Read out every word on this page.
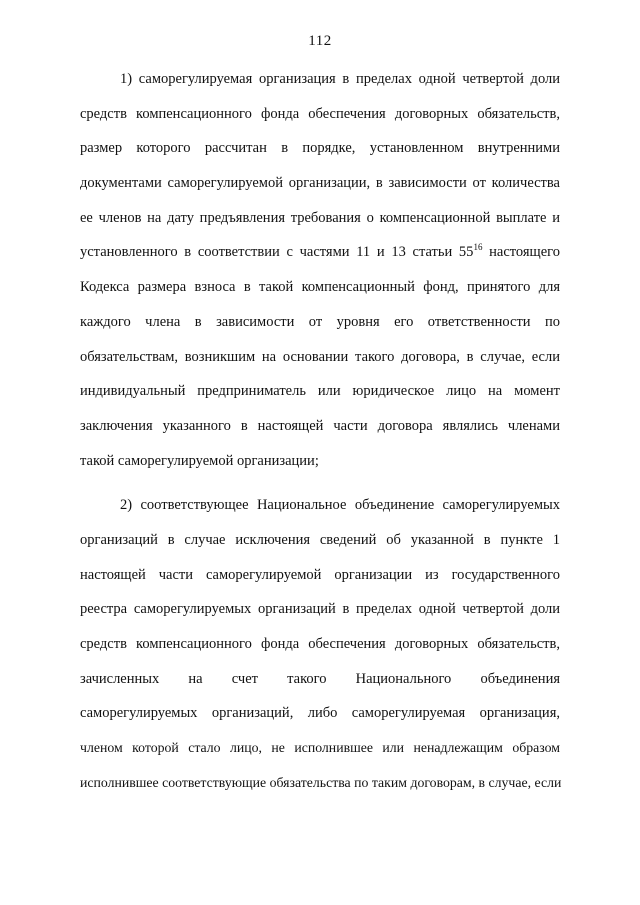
112
1) саморегулируемая организация в пределах одной четвертой доли
средств компенсационного фонда обеспечения договорных обязательств,
размер которого рассчитан в порядке, установленном внутренними
документами саморегулируемой организации, в зависимости от количества
ее членов на дату предъявления требования о компенсационной выплате и
установленного в соответствии с частями 11 и 13 статьи $55^{16}$ настоящего
Кодекса размера взноса в такой компенсационный фонд, принятого для
каждого члена в зависимости от уровня его ответственности по
обязательствам, возникшим на основании такого договора, в случае, если
индивидуальный предприниматель или юридическое лицо на момент
заключения указанного в настоящей части договора являлись членами
такой саморегулируемой организации;
2) соответствующее Национальное объединение саморегулируемых
организаций в случае исключения сведений об указанной в пункте 1
настоящей части саморегулируемой организации из государственного
реестра саморегулируемых организаций в пределах одной четвертой доли
средств компенсационного фонда обеспечения договорных обязательств,
зачисленных на счет такого Национального объединения
саморегулируемых организаций, либо саморегулируемая организация,
членом которой стало лицо, не исполнившее или ненадлежащим образом
исполнившее соответствующие обязательства по таким договорам, в случае, если
